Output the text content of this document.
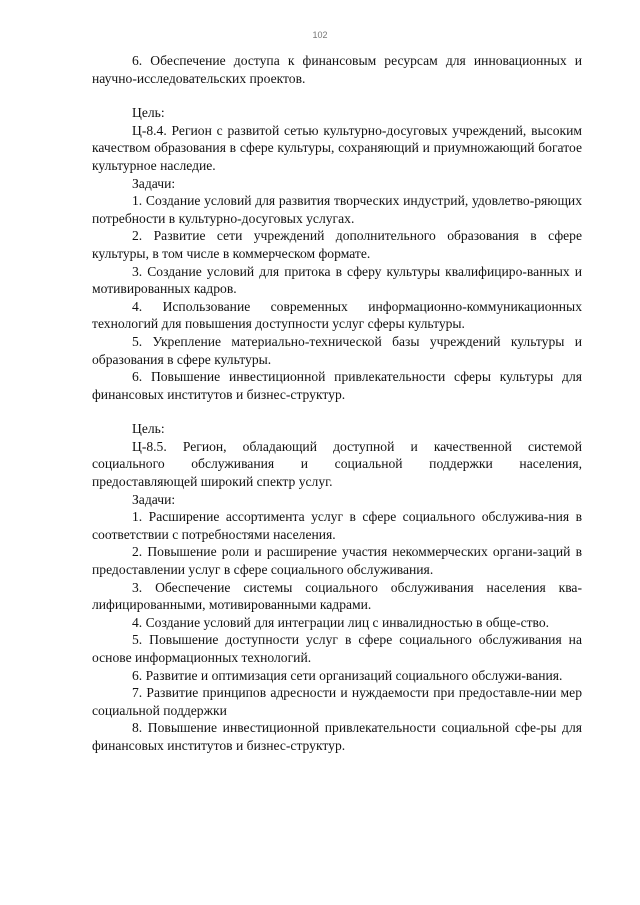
102

6. Обеспечение доступа к финансовым ресурсам для инновационных и научно-исследовательских проектов.

Цель:

Ц-8.4. Регион с развитой сетью культурно-досуговых учреждений, высоким качеством образования в сфере культуры, сохраняющий и приумножающий богатое культурное наследие.

Задачи:

1. Создание условий для развития творческих индустрий, удовлетво-ряющих потребности в культурно-досуговых услугах.

2. Развитие сети учреждений дополнительного образования в сфере культуры, в том числе в коммерческом формате.

3. Создание условий для притока в сферу культуры квалифициро-ванных и мотивированных кадров.

4. Использование современных информационно-коммуникационных технологий для повышения доступности услуг сферы культуры.

5. Укрепление материально-технической базы учреждений культуры и образования в сфере культуры.

6. Повышение инвестиционной привлекательности сферы культуры для финансовых институтов и бизнес-структур.

Цель:

Ц-8.5. Регион, обладающий доступной и качественной системой

социального обслуживания и социальной поддержки населения,

предоставляющей широкий спектр услуг.

Задачи:

1. Расширение ассортимента услуг в сфере социального обслужива-ния в соответствии с потребностями населения.

2. Повышение роли и расширение участия некоммерческих органи-заций в предоставлении услуг в сфере социального обслуживания.

3. Обеспечение системы социального обслуживания населения ква-лифицированными, мотивированными кадрами.

4. Создание условий для интеграции лиц с инвалидностью в обще-ство.

5. Повышение доступности услуг в сфере социального обслуживания на основе информационных технологий.

6. Развитие и оптимизация сети организаций социального обслужи-вания.

7. Развитие принципов адресности и нуждаемости при предоставле-нии мер социальной поддержки

8. Повышение инвестиционной привлекательности социальной сфе-ры для финансовых институтов и бизнес-структур.
